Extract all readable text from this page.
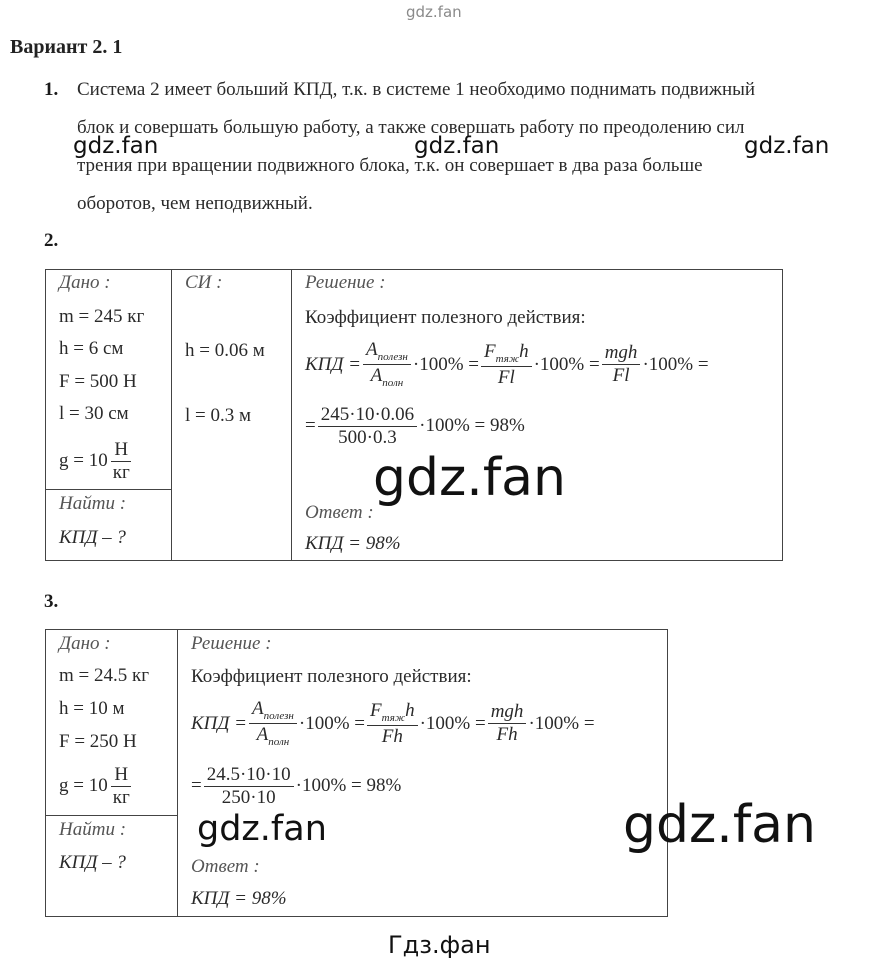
gdz.fan
Вариант 2. 1
1. Система 2 имеет больший КПД, т.к. в системе 1 необходимо поднимать подвижный
блок и совершать большую работу, а также совершать работу по преодолению сил
трения при вращении подвижного блока, т.к. он совершает в два раза больше
оборотов, чем неподвижный.
gdz.fan	gdz.fan	gdz.fan
2.
Дано :
m = 245 кг
h = 6 см
F = 500 Н
l = 30 см
$g = 10 \frac{Н}{кг}$
Найти :
КПД – ?
СИ :
h = 0.06 м
l = 0.3 м
Решение :
Коэффициент полезного действия:
КПД = $\frac{A_{полезн}}{A_{полн}} \cdot 100\% = \frac{F_{тяж}h}{Fl} \cdot 100\% = \frac{\text{mgh}}{Fl} \cdot 100\%$ =
= $\frac{245\cdot 10\cdot 0.06}{500\cdot 0.3} \cdot 100\% = 98\%$
Ответ :
КПД = 98%
gdz.fan
3.
Дано :
m = 24.5 кг
h = 10 м
F = 250 Н
$g = 10 \frac{Н}{кг}$
Найти :
КПД – ?
Решение :
Коэффициент полезного действия:
КПД = $\frac{A_{полезн}}{A_{полн}} \cdot 100\% = \frac{F_{тяж}h}{Fh} \cdot 100\% = \frac{\text{mgh}}{Fh} \cdot 100\%$ =
= $\frac{24.5\cdot 10\cdot 10}{250\cdot 10} \cdot 100\% = 98\%$
Ответ :
КПД = 98%
gdz.fan	gdz.fan
Гдз.фан
